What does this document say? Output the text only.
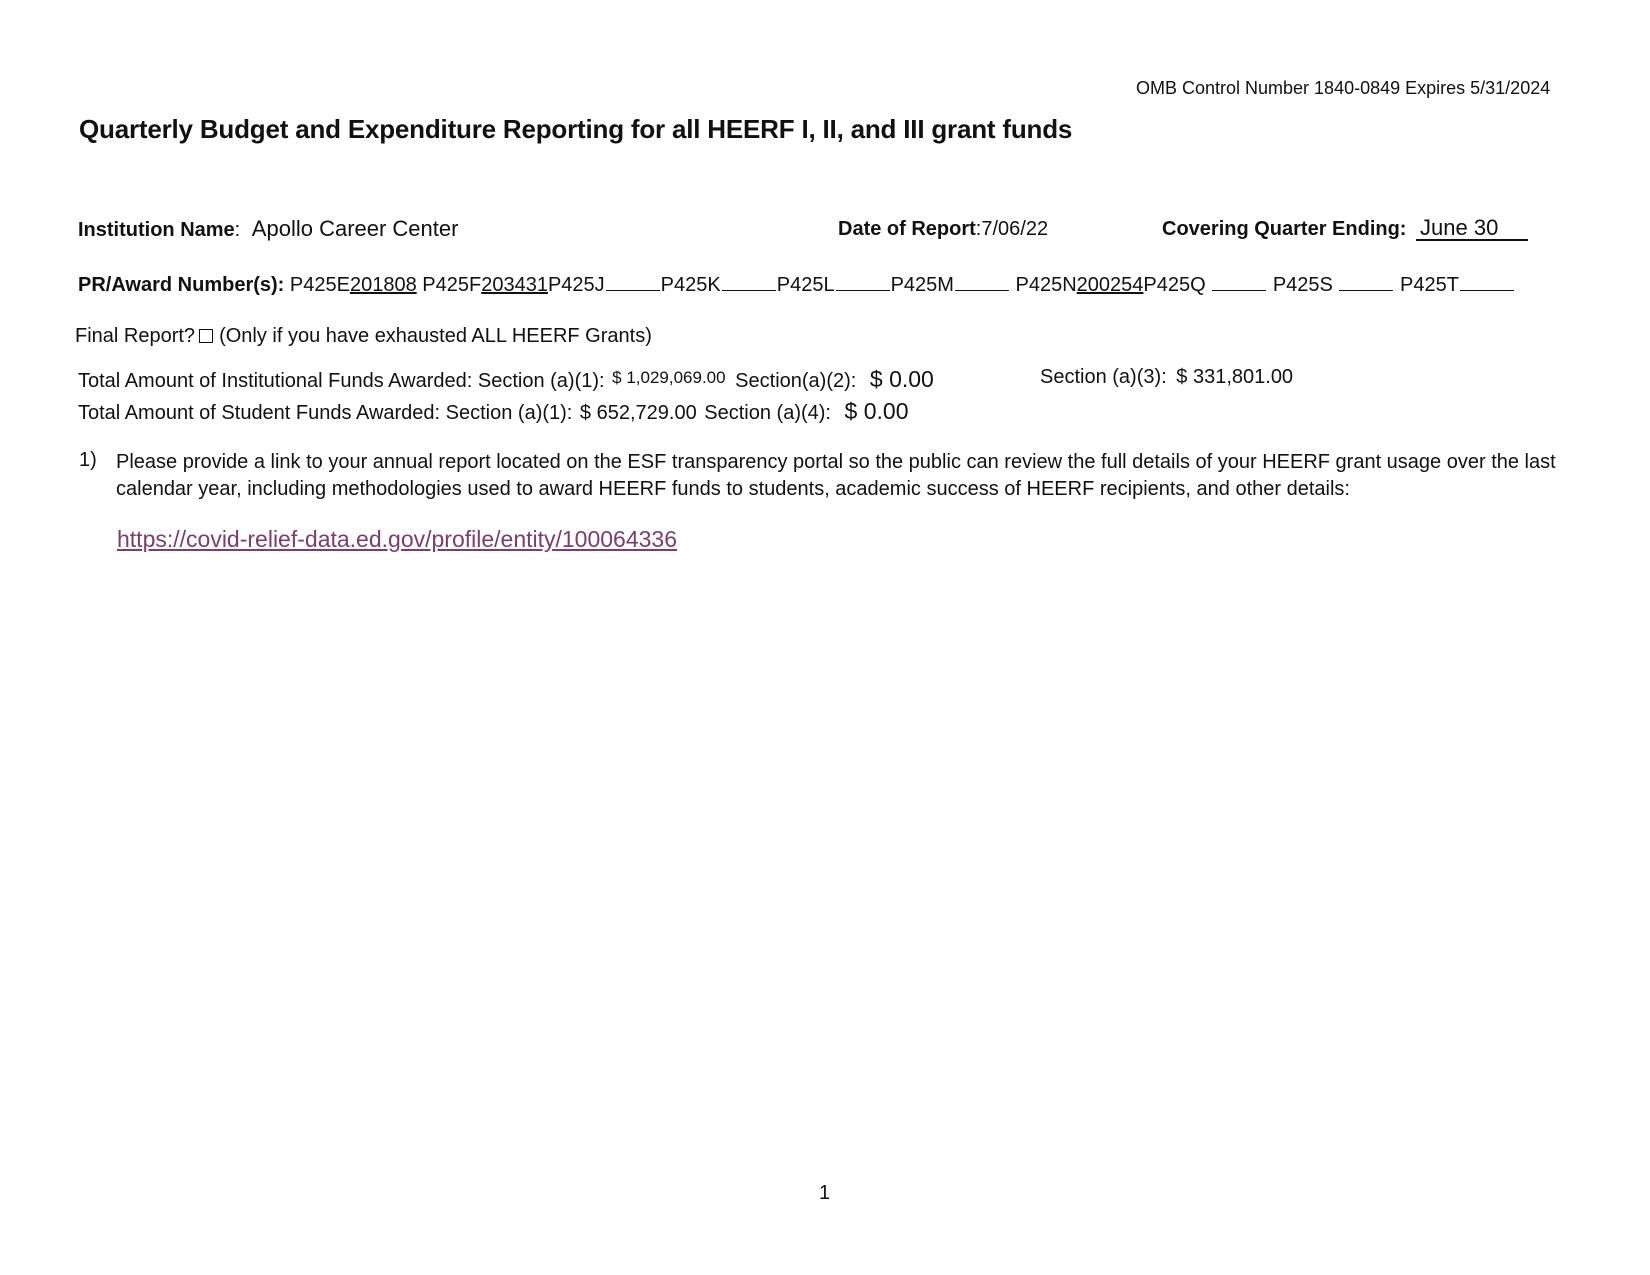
OMB Control Number 1840-0849 Expires 5/31/2024
Quarterly Budget and Expenditure Reporting for all HEERF I, II, and III grant funds
Institution Name: Apollo Career Center	Date of Report:7/06/22	Covering Quarter Ending: June 30
PR/Award Number(s): P425E201808 P425F203431P425J	P425K	P425L	P425M	P425N200254P425Q	P425S	P425T
Final Report? (Only if you have exhausted ALL HEERF Grants)
Total Amount of Institutional Funds Awarded: Section (a)(1): $^{\$ 1,029,069.00}$ Section(a)(2): $ 0.00	Section (a)(3): $ 331,801.00
Total Amount of Student Funds Awarded: Section (a)(1): $ 652,729.00 Section (a)(4): $ 0.00
1) Please provide a link to your annual report located on the ESF transparency portal so the public can review the full details of your HEERF grant usage over the last calendar year, including methodologies used to award HEERF funds to students, academic success of HEERF recipients, and other details:
https://covid-relief-data.ed.gov/profile/entity/100064336
1
